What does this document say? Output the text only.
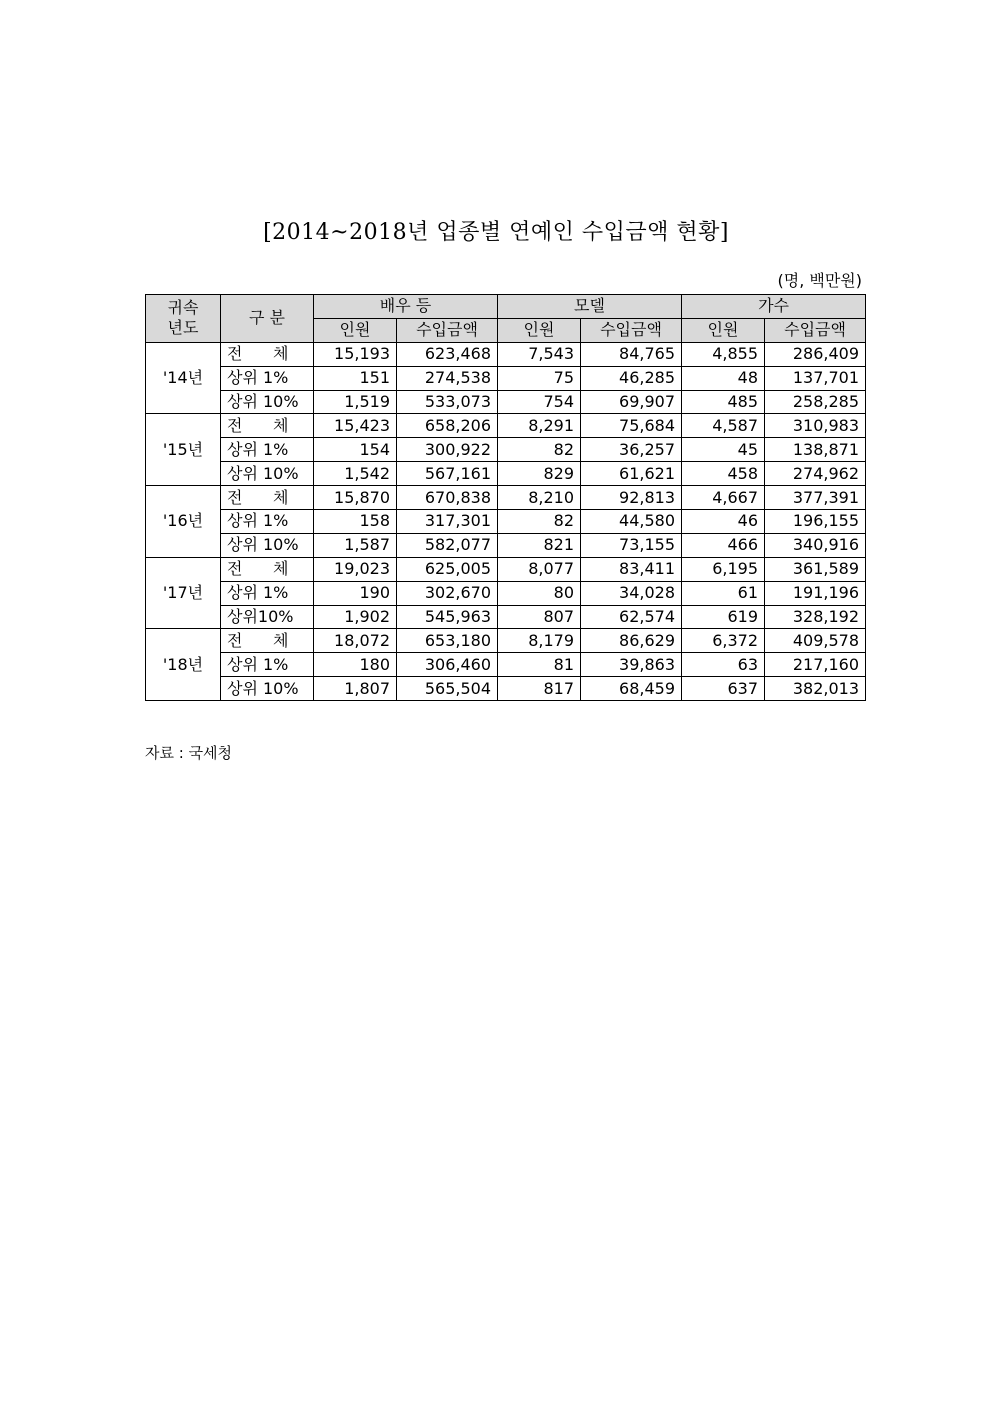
[2014~2018년 업종별 연예인 수입금액 현황]
(명, 백만원)
귀속
년도	구 분	배우 등		모델		가수	
		인원	수입금액	인원	수입금액	인원	수입금액
'14년	전      체	15,193	623,468	7,543	84,765	4,855	286,409
	상위 1%	151	274,538	75	46,285	48	137,701
	상위 10%	1,519	533,073	754	69,907	485	258,285
'15년	전      체	15,423	658,206	8,291	75,684	4,587	310,983
	상위 1%	154	300,922	82	36,257	45	138,871
	상위 10%	1,542	567,161	829	61,621	458	274,962
'16년	전      체	15,870	670,838	8,210	92,813	4,667	377,391
	상위 1%	158	317,301	82	44,580	46	196,155
	상위 10%	1,587	582,077	821	73,155	466	340,916
'17년	전      체	19,023	625,005	8,077	83,411	6,195	361,589
	상위 1%	190	302,670	80	34,028	61	191,196
	상위10%	1,902	545,963	807	62,574	619	328,192
'18년	전      체	18,072	653,180	8,179	86,629	6,372	409,578
	상위 1%	180	306,460	81	39,863	63	217,160
	상위 10%	1,807	565,504	817	68,459	637	382,013
자료 : 국세청
